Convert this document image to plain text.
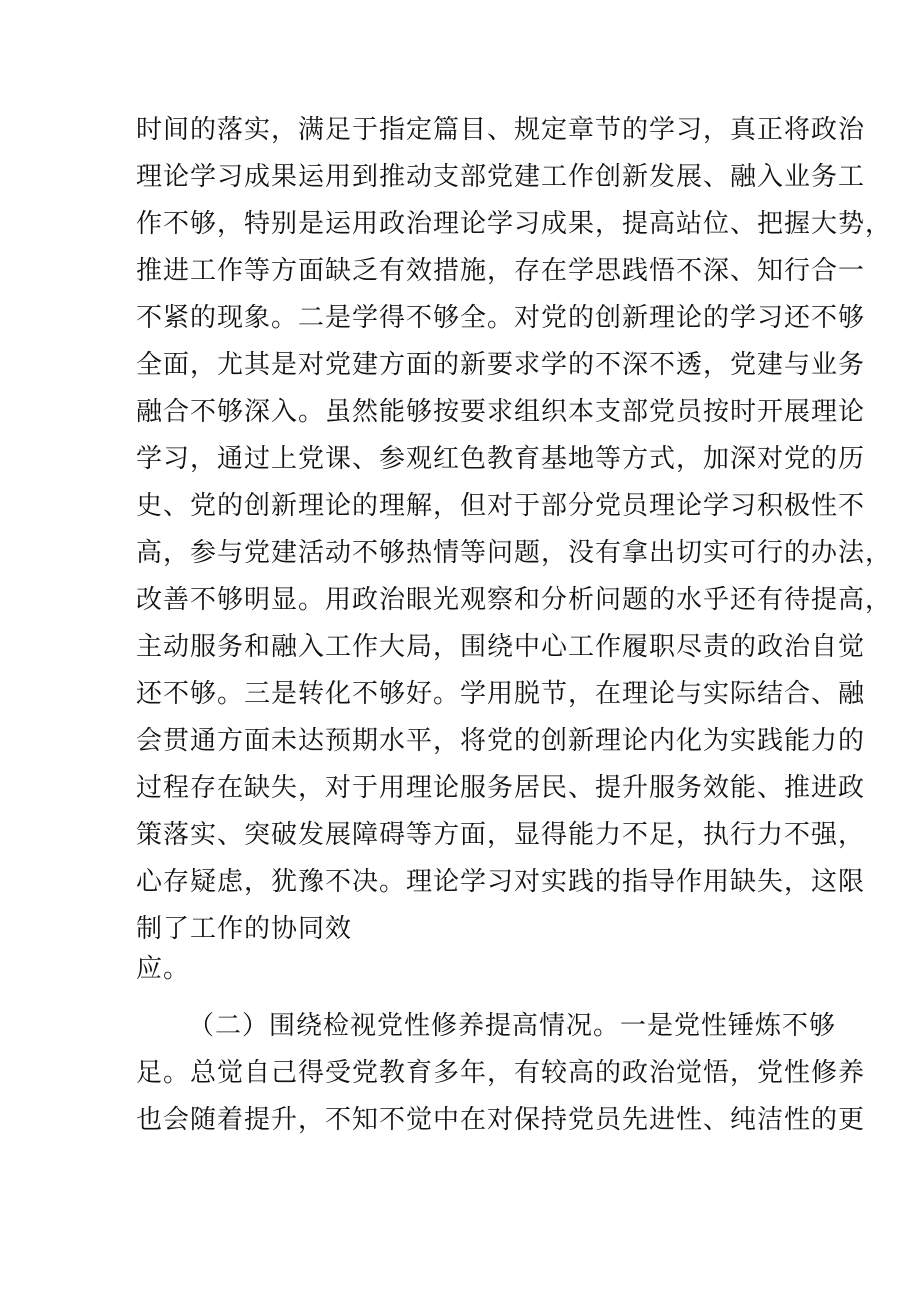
时间的落实，满足于指定篇目、规定章节的学习，真正将政治
理论学习成果运用到推动支部党建工作创新发展、融入业务工
作不够，特别是运用政治理论学习成果，提高站位、把握大势，
推进工作等方面缺乏有效措施，存在学思践悟不深、知行合一
不紧的现象。二是学得不够全。对党的创新理论的学习还不够
全面，尤其是对党建方面的新要求学的不深不透，党建与业务
融合不够深入。虽然能够按要求组织本支部党员按时开展理论
学习，通过上党课、参观红色教育基地等方式，加深对党的历
史、党的创新理论的理解，但对于部分党员理论学习积极性不
高，参与党建活动不够热情等问题，没有拿出切实可行的办法，
改善不够明显。用政治眼光观察和分析问题的水乎还有待提高，
主动服务和融入工作大局，围绕中心工作履职尽责的政治自觉
还不够。三是转化不够好。学用脱节，在理论与实际结合、融
会贯通方面未达预期水平，将党的创新理论内化为实践能力的
过程存在缺失，对于用理论服务居民、提升服务效能、推进政
策落实、突破发展障碍等方面，显得能力不足，执行力不强，
心存疑虑，犹豫不决。理论学习对实践的指导作用缺失，这限
制了工作的协同效
应。
（二）围绕检视党性修养提高情况。一是党性锤炼不够
足。总觉自己得受党教育多年，有较高的政治觉悟，党性修养
也会随着提升，不知不觉中在对保持党员先进性、纯洁性的更
